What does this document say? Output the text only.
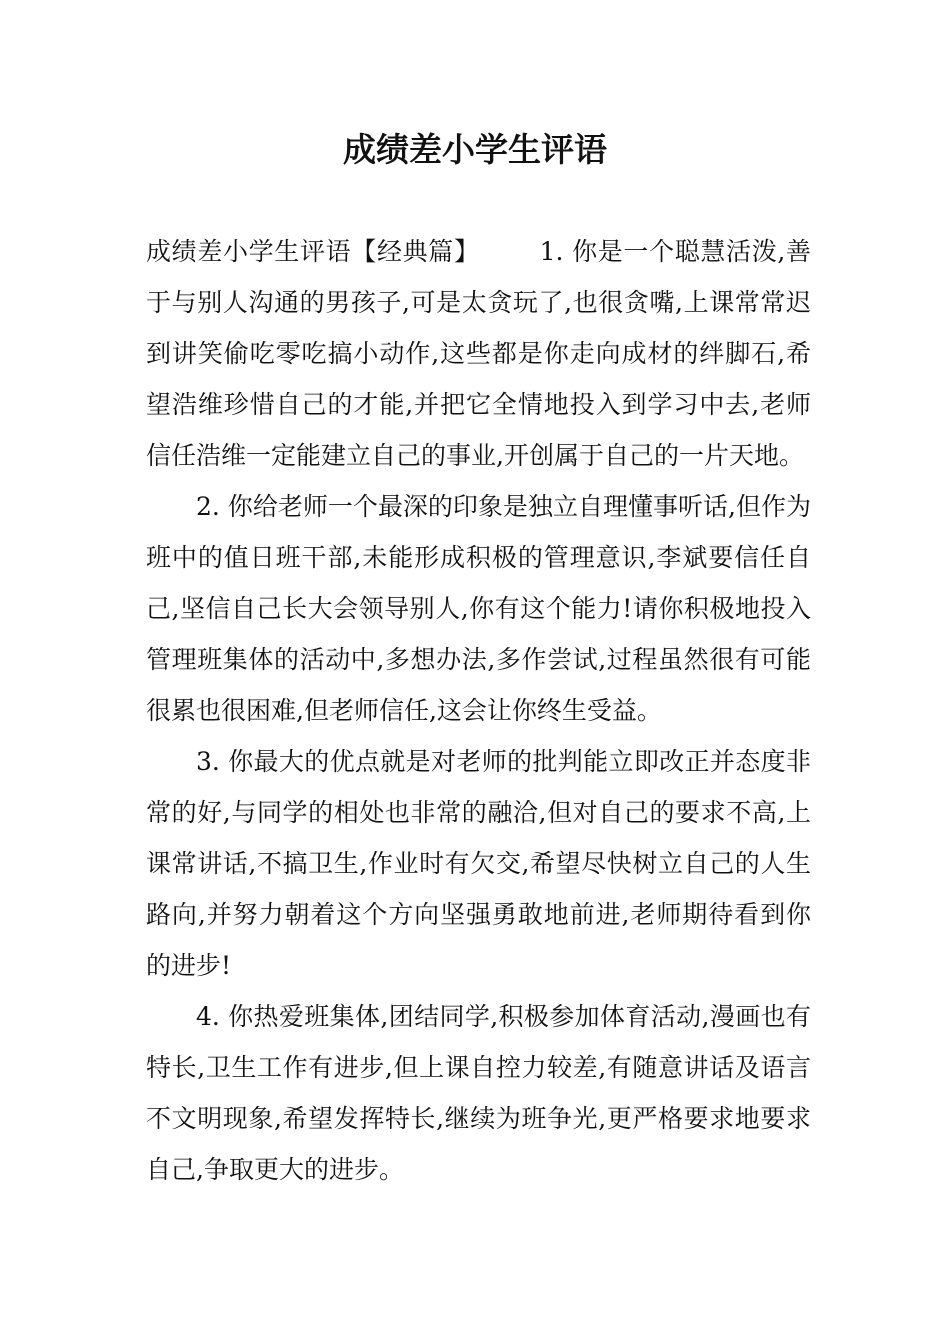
成绩差小学生评语

成绩差小学生评语【经典篇】 1. 你是一个聪慧活泼,善于与别人沟通的男孩子,可是太贪玩了,也很贪嘴,上课常常迟到讲笑偷吃零吃搞小动作,这些都是你走向成材的绊脚石,希望浩维珍惜自己的才能,并把它全情地投入到学习中去,老师信任浩维一定能建立自己的事业,开创属于自己的一片天地。

2. 你给老师一个最深的印象是独立自理懂事听话,但作为班中的值日班干部,未能形成积极的管理意识,李斌要信任自己,坚信自己长大会领导别人,你有这个能力!请你积极地投入管理班集体的活动中,多想办法,多作尝试,过程虽然很有可能很累也很困难,但老师信任,这会让你终生受益。

3. 你最大的优点就是对老师的批判能立即改正并态度非常的好,与同学的相处也非常的融洽,但对自己的要求不高,上课常讲话,不搞卫生,作业时有欠交,希望尽快树立自己的人生路向,并努力朝着这个方向坚强勇敢地前进,老师期待看到你的进步!

4. 你热爱班集体,团结同学,积极参加体育活动,漫画也有特长,卫生工作有进步,但上课自控力较差,有随意讲话及语言不文明现象,希望发挥特长,继续为班争光,更严格要求地要求自己,争取更大的进步。
